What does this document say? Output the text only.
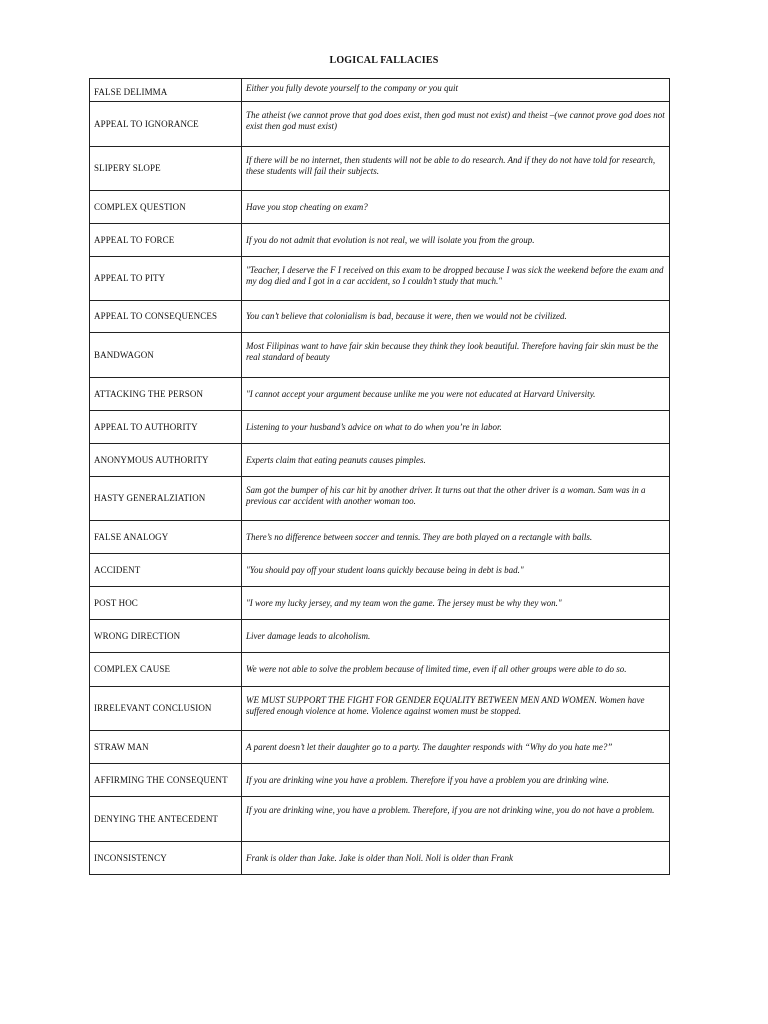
LOGICAL FALLACIES
FALSE DELIMMA	Either you fully devote yourself to the company or you quit
APPEAL TO IGNORANCE	The atheist (we cannot prove that god does exist, then god must not exist) and theist –(we cannot prove god does not exist then god must exist)
SLIPERY SLOPE	If there will be no internet, then students will not be able to do research. And if they do not have told for research, these students will fail their subjects.
COMPLEX QUESTION	Have you stop cheating on exam?
APPEAL TO FORCE	If you do not admit that evolution is not real, we will isolate you from the group.
APPEAL TO PITY	"Teacher, I deserve the F I received on this exam to be dropped because I was sick the weekend before the exam and my dog died and I got in a car accident, so I couldn’t study that much."
APPEAL TO CONSEQUENCES	You can’t believe that colonialism is bad, because it were, then we would not be civilized.
BANDWAGON	Most Filipinas want to have fair skin because they think they look beautiful. Therefore having fair skin must be the real standard of beauty
ATTACKING THE PERSON	"I cannot accept your argument because unlike me you were not educated at Harvard University.
APPEAL TO AUTHORITY	Listening to your husband’s advice on what to do when you’re in labor.
ANONYMOUS AUTHORITY	Experts claim that eating peanuts causes pimples.
HASTY GENERALZIATION	Sam got the bumper of his car hit by another driver. It turns out that the other driver is a woman. Sam was in a previous car accident with another woman too.
FALSE ANALOGY	There’s no difference between soccer and tennis. They are both played on a rectangle with balls.
ACCIDENT	"You should pay off your student loans quickly because being in debt is bad."
POST HOC	"I wore my lucky jersey, and my team won the game. The jersey must be why they won."
WRONG DIRECTION	Liver damage leads to alcoholism.
COMPLEX CAUSE	We were not able to solve the problem because of limited time, even if all other groups were able to do so.
IRRELEVANT CONCLUSION	WE MUST SUPPORT THE FIGHT FOR GENDER EQUALITY BETWEEN MEN AND WOMEN. Women have suffered enough violence at home. Violence against women must be stopped.
STRAW MAN	A parent doesn’t let their daughter go to a party. The daughter responds with “Why do you hate me?”
AFFIRMING THE CONSEQUENT	If you are drinking wine you have a problem. Therefore if you have a problem you are drinking wine.
DENYING THE ANTECEDENT	If you are drinking wine, you have a problem. Therefore, if you are not drinking wine, you do not have a problem.
INCONSISTENCY	Frank is older than Jake. Jake is older than Noli. Noli is older than Frank
